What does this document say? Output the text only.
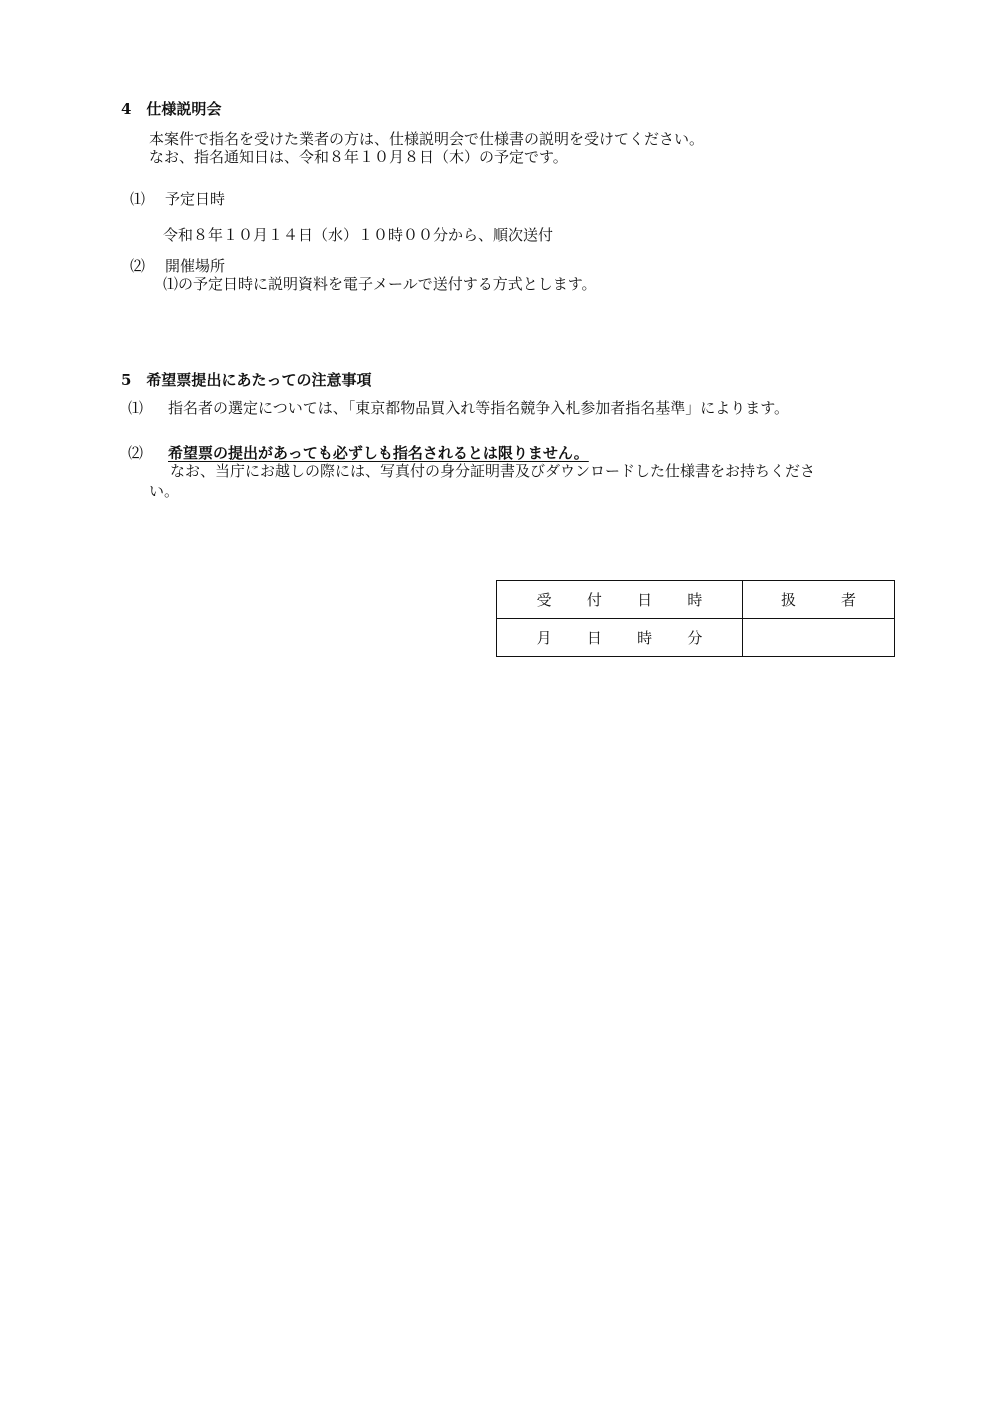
4　仕様説明会
本案件で指名を受けた業者の方は、仕様説明会で仕様書の説明を受けてください。
なお、指名通知日は、令和８年１０月８日（木）の予定です。
⑴ 予定日時
令和８年１０月１４日（水）１０時００分から、順次送付
⑵ 開催場所
⑴の予定日時に説明資料を電子メールで送付する方式とします。
5　希望票提出にあたっての注意事項
⑴ 指名者の選定については、「東京都物品買入れ等指名競争入札参加者指名基準」によります。
⑵ 希望票の提出があっても必ずしも指名されるとは限りません。
なお、当庁にお越しの際には、写真付の身分証明書及びダウンロードした仕様書をお持ちくださ
い。
受 付 日 時	扱 者

月 日 時 分	
